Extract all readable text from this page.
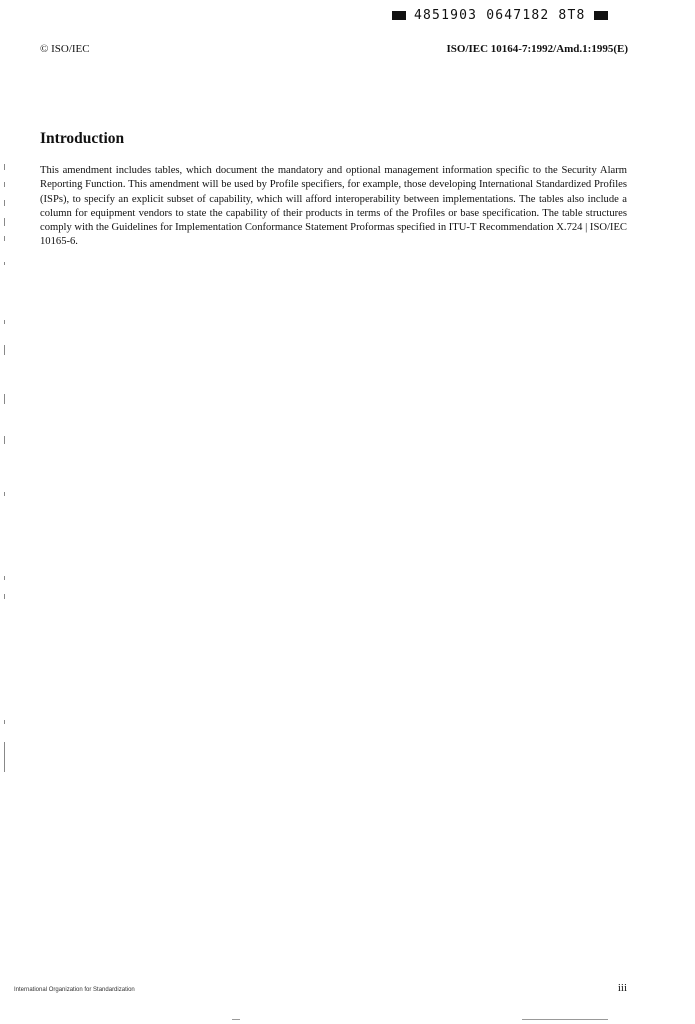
4851903 0647182 8T8
© ISO/IEC	ISO/IEC 10164-7:1992/Amd.1:1995(E)
Introduction

This amendment includes tables, which document the mandatory and optional management information specific to the Security Alarm Reporting Function. This amendment will be used by Profile specifiers, for example, those developing International Standardized Profiles (ISPs), to specify an explicit subset of capability, which will afford interoperability between implementations. The tables also include a column for equipment vendors to state the capability of their products in terms of the Profiles or base specification. The table structures comply with the Guidelines for Implementation Conformance Statement Proformas specified in ITU-T Recommendation X.724 | ISO/IEC 10165-6.

International Organization for Standardization	iii
